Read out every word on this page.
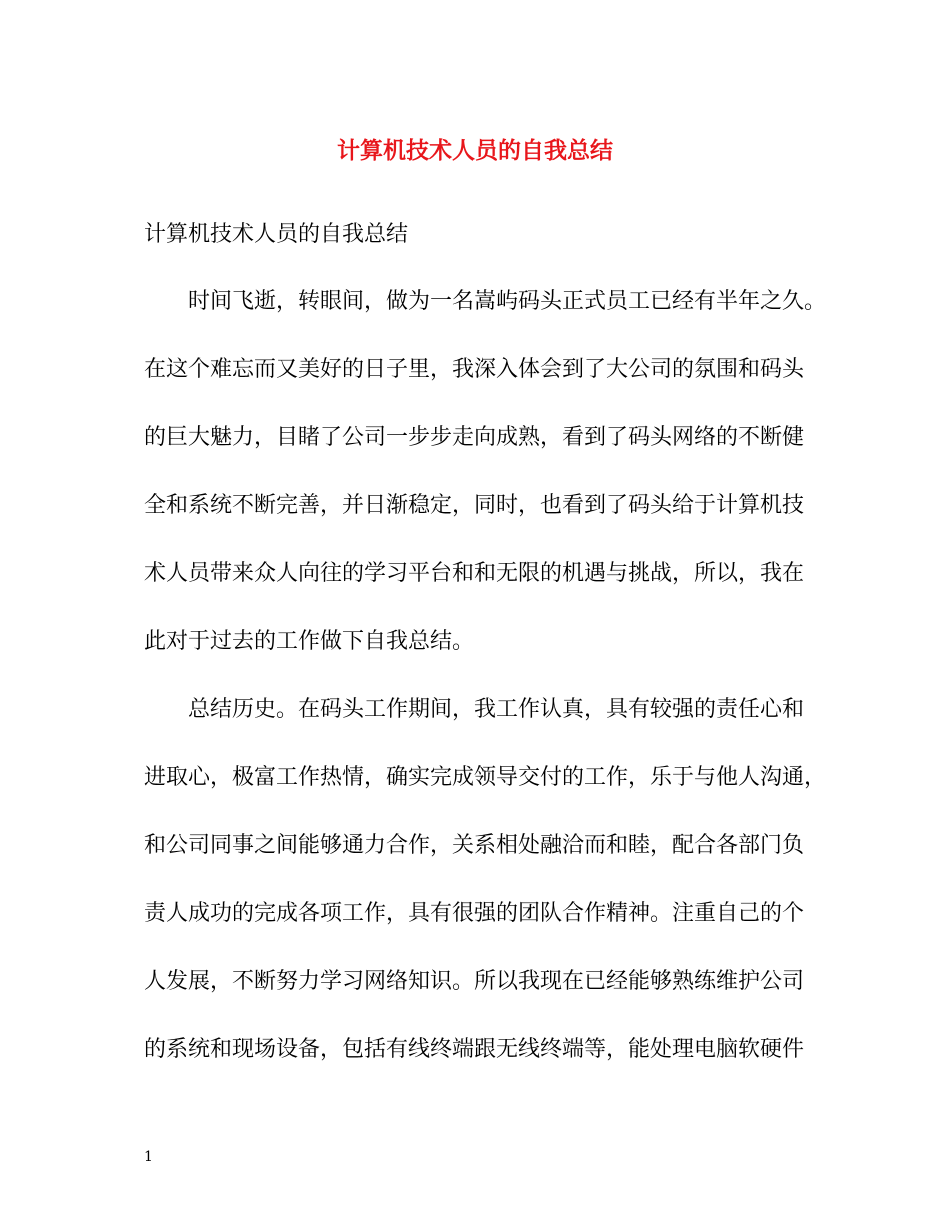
计算机技术人员的自我总结

计算机技术人员的自我总结

时间飞逝，转眼间，做为一名嵩屿码头正式员工已经有半年之久。

在这个难忘而又美好的日子里，我深入体会到了大公司的氛围和码头

的巨大魅力，目睹了公司一步步走向成熟，看到了码头网络的不断健

全和系统不断完善，并日渐稳定，同时，也看到了码头给于计算机技

术人员带来众人向往的学习平台和和无限的机遇与挑战，所以，我在

此对于过去的工作做下自我总结。

总结历史。在码头工作期间，我工作认真，具有较强的责任心和

进取心，极富工作热情，确实完成领导交付的工作，乐于与他人沟通，

和公司同事之间能够通力合作，关系相处融洽而和睦，配合各部门负

责人成功的完成各项工作，具有很强的团队合作精神。注重自己的个

人发展，不断努力学习网络知识。所以我现在已经能够熟练维护公司

的系统和现场设备，包括有线终端跟无线终端等，能处理电脑软硬件

1
